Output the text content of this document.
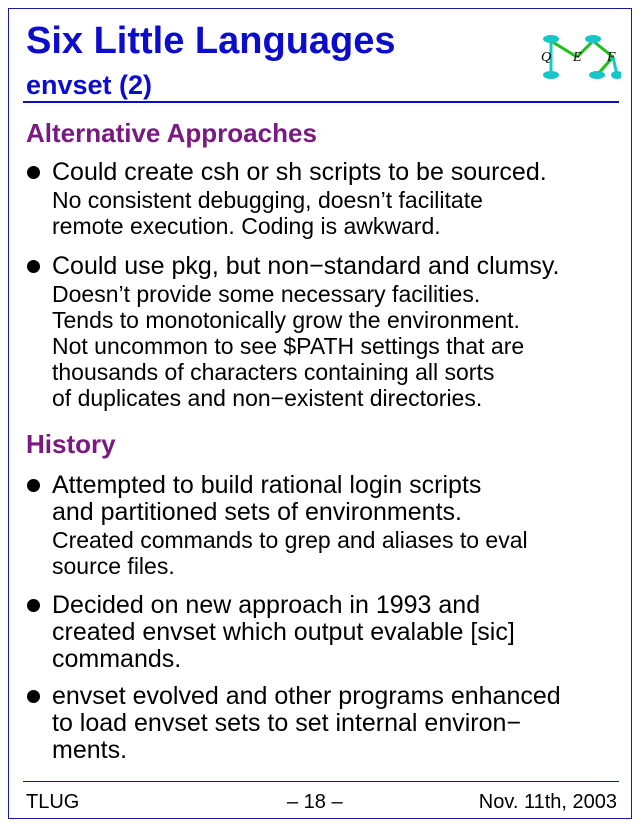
Six Little Languages
envset (2)
Q E F
Alternative Approaches
Could create csh or sh scripts to be sourced.
No consistent debugging, doesn’t facilitate
remote execution. Coding is awkward.
Could use pkg, but non−standard and clumsy.
Doesn’t provide some necessary facilities.
Tends to monotonically grow the environment.
Not uncommon to see $PATH settings that are
thousands of characters containing all sorts
of duplicates and non−existent directories.
History
Attempted to build rational login scripts
and partitioned sets of environments.
Created commands to grep and aliases to eval
source files.
Decided on new approach in 1993 and
created envset which output evalable [sic]
commands.
envset evolved and other programs enhanced
to load envset sets to set internal environ−
ments.
TLUG	– 18 –	Nov. 11th, 2003
